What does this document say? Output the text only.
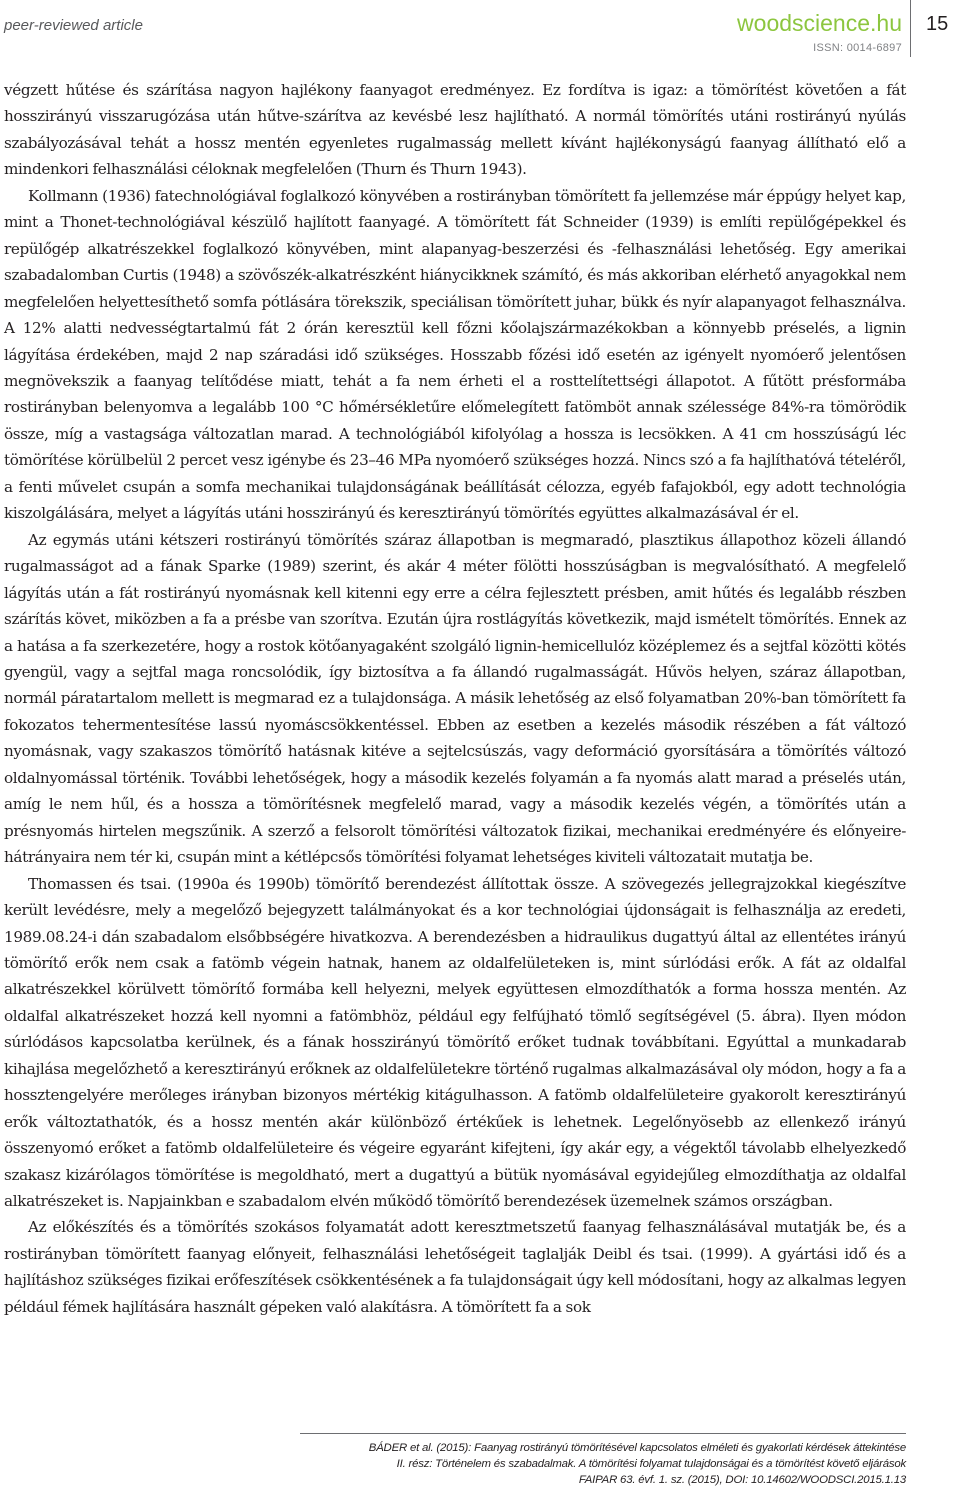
peer-reviewed article	woodscience.hu

ISSN: 0014-6897

15

végzett hűtése és szárítása nagyon hajlékony faanyagot eredményez. Ez fordítva is igaz: a tömörítést követően a fát hosszirányú visszarugózása után hűtve-szárítva az kevésbé lesz hajlítható. A normál tömörítés utáni rostirányú nyúlás szabályozásával tehát a hossz mentén egyenletes rugalmasság mellett kívánt hajlékonyságú faanyag állítható elő a mindenkori felhasználási céloknak megfelelően (Thurn és Thurn 1943).

Kollmann (1936) fatechnológiával foglalkozó könyvében a rostirányban tömörített fa jellemzése már éppúgy helyet kap, mint a Thonet-technológiával készülő hajlított faanyagé. A tömörített fát Schneider (1939) is említi repülőgépekkel és repülőgép alkatrészekkel foglalkozó könyvében, mint alapanyag-beszerzési és -felhasználási lehetőség. Egy amerikai szabadalomban Curtis (1948) a szövőszék-alkatrészként hiánycikknek számító, és más akkoriban elérhető anyagokkal nem megfelelően helyettesíthető somfa pótlására törekszik, speciálisan tömörített juhar, bükk és nyír alapanyagot felhasználva. A 12% alatti nedvességtartalmú fát 2 órán keresztül kell főzni kőolajszármazékokban a könnyebb préselés, a lignin lágyítása érdekében, majd 2 nap száradási idő szükséges. Hosszabb főzési idő esetén az igényelt nyomóerő jelentősen megnövekszik a faanyag telítődése miatt, tehát a fa nem érheti el a rosttelítettségi állapotot. A fűtött présformába rostirányban belenyomva a legalább 100 °C hőmérsékletűre előmelegített fatömböt annak szélessége 84%-ra tömörödik össze, míg a vastagsága változatlan marad. A technológiából kifolyólag a hossza is lecsökken. A 41 cm hosszúságú léc tömörítése körülbelül 2 percet vesz igénybe és 23–46 MPa nyomóerő szükséges hozzá. Nincs szó a fa hajlíthatóvá tételéről, a fenti művelet csupán a somfa mechanikai tulajdonságának beállítását célozza, egyéb fafajokból, egy adott technológia kiszolgálására, melyet a lágyítás utáni hosszirányú és keresztirányú tömörítés együttes alkalmazásával ér el.

Az egymás utáni kétszeri rostirányú tömörítés száraz állapotban is megmaradó, plasztikus állapothoz közeli állandó rugalmasságot ad a fának Sparke (1989) szerint, és akár 4 méter fölötti hosszúságban is megvalósítható. A megfelelő lágyítás után a fát rostirányú nyomásnak kell kitenni egy erre a célra fejlesztett présben, amit hűtés és legalább részben szárítás követ, miközben a fa a présbe van szorítva. Ezután újra rostlágyítás következik, majd ismételt tömörítés. Ennek az a hatása a fa szerkezetére, hogy a rostok kötőanyagaként szolgáló lignin-hemicellulóz középlemez és a sejtfal közötti kötés gyengül, vagy a sejtfal maga roncsolódik, így biztosítva a fa állandó rugalmasságát. Hűvös helyen, száraz állapotban, normál páratartalom mellett is megmarad ez a tulajdonsága. A másik lehetőség az első folyamatban 20%-ban tömörített fa fokozatos tehermentesítése lassú nyomáscsökkentéssel. Ebben az esetben a kezelés második részében a fát változó nyomásnak, vagy szakaszos tömörítő hatásnak kitéve a sejtelcsúszás, vagy deformáció gyorsítására a tömörítés változó oldalnyomással történik. További lehetőségek, hogy a második kezelés folyamán a fa nyomás alatt marad a préselés után, amíg le nem hűl, és a hossza a tömörítésnek megfelelő marad, vagy a második kezelés végén, a tömörítés után a présnyomás hirtelen megszűnik. A szerző a felsorolt tömörítési változatok fizikai, mechanikai eredményére és előnyeire-hátrányaira nem tér ki, csupán mint a kétlépcsős tömörítési folyamat lehetséges kiviteli változatait mutatja be.

Thomassen és tsai. (1990a és 1990b) tömörítő berendezést állítottak össze. A szövegezés jellegrajzokkal kiegészítve került levédésre, mely a megelőző bejegyzett találmányokat és a kor technológiai újdonságait is felhasználja az eredeti, 1989.08.24-i dán szabadalom elsőbbségére hivatkozva. A berendezésben a hidraulikus dugattyú által az ellentétes irányú tömörítő erők nem csak a fatömb végein hatnak, hanem az oldalfelületeken is, mint súrlódási erők. A fát az oldalfal alkatrészekkel körülvett tömörítő formába kell helyezni, melyek együttesen elmozdíthatók a forma hossza mentén. Az oldalfal alkatrészeket hozzá kell nyomni a fatömbhöz, például egy felfújható tömlő segítségével (5. ábra). Ilyen módon súrlódásos kapcsolatba kerülnek, és a fának hosszirányú tömörítő erőket tudnak továbbítani. Egyúttal a munkadarab kihajlása megelőzhető a keresztirányú erőknek az oldalfelületekre történő rugalmas alkalmazásával oly módon, hogy a fa a hossztengelyére merőleges irányban bizonyos mértékig kitágulhasson. A fatömb oldalfelületeire gyakorolt keresztirányú erők változtathatók, és a hossz mentén akár különböző értékűek is lehetnek. Legelőnyösebb az ellenkező irányú összenyomó erőket a fatömb oldalfelületeire és végeire egyaránt kifejteni, így akár egy, a végektől távolabb elhelyezkedő szakasz kizárólagos tömörítése is megoldható, mert a dugattyú a bütük nyomásával egyidejűleg elmozdíthatja az oldalfal alkatrészeket is. Napjainkban e szabadalom elvén működő tömörítő berendezések üzemelnek számos országban.

Az előkészítés és a tömörítés szokásos folyamatát adott keresztmetszetű faanyag felhasználásával mutatják be, és a rostirányban tömörített faanyag előnyeit, felhasználási lehetőségeit taglalják Deibl és tsai. (1999). A gyártási idő és a hajlításhoz szükséges fizikai erőfeszítések csökkentésének a fa tulajdonságait úgy kell módosítani, hogy az alkalmas legyen például fémek hajlítására használt gépeken való alakításra. A tömörített fa a sok

BÁDER et al. (2015): Faanyag rostirányú tömörítésével kapcsolatos elméleti és gyakorlati kérdések áttekintése
II. rész: Történelem és szabadalmak. A tömörítési folyamat tulajdonságai és a tömörítést követő eljárások
FAIPAR 63. évf. 1. sz. (2015), DOI: 10.14602/WOODSCI.2015.1.13
